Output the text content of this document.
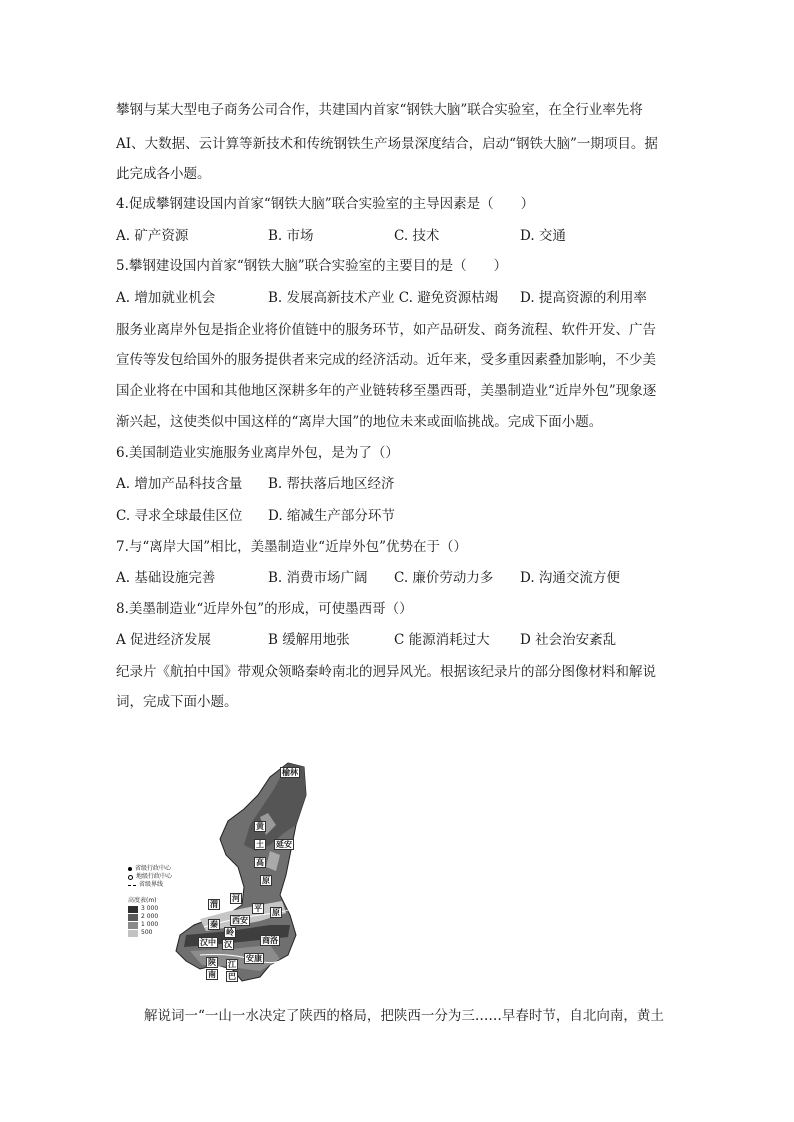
攀钢与某大型电子商务公司合作，共建国内首家“钢铁大脑”联合实验室，在全行业率先将
AI、大数据、云计算等新技术和传统钢铁生产场景深度结合，启动“钢铁大脑”一期项目。据
此完成各小题。
4.促成攀钢建设国内首家“钢铁大脑”联合实验室的主导因素是（　　）
A. 矿产资源	B. 市场	C. 技术	D. 交通
5.攀钢建设国内首家“钢铁大脑”联合实验室的主要目的是（　　）
A. 增加就业机会	B. 发展高新技术产业 C. 避免资源枯竭 D. 提高资源的利用率
服务业离岸外包是指企业将价值链中的服务环节，如产品研发、商务流程、软件开发、广告
宣传等发包给国外的服务提供者来完成的经济活动。近年来，受多重因素叠加影响，不少美
国企业将在中国和其他地区深耕多年的产业链转移至墨西哥，美墨制造业“近岸外包”现象逐
渐兴起，这使类似中国这样的“离岸大国”的地位未来或面临挑战。完成下面小题。
6.美国制造业实施服务业离岸外包，是为了（）
A. 增加产品科技含量 B. 帮扶落后地区经济
C. 寻求全球最佳区位 D. 缩减生产部分环节
7.与“离岸大国”相比，美墨制造业“近岸外包”优势在于（）
A. 基础设施完善	B. 消费市场广阔 C. 廉价劳动力多 D. 沟通交流方便
8.美墨制造业“近岸外包”的形成，可使墨西哥（）
A 促进经济发展	B 缓解用地张	C 能源消耗过大 D 社会治安紊乱
纪录片《航拍中国》带观众领略秦岭南北的迥异风光。根据该纪录片的部分图像材料和解说
词，完成下面小题。
榆林
黄
土
高
原
延安
渭
河
平 原
西安
秦
岭
汉中 汉
陕
南
安康
商洛
江
巴
省级行政中心
地级行政中心
省级界线
高度表(m)
3 000
2 000
1 000
500
解说词一“一山一水决定了陕西的格局，把陕西一分为三……早春时节，自北向南，黄土
